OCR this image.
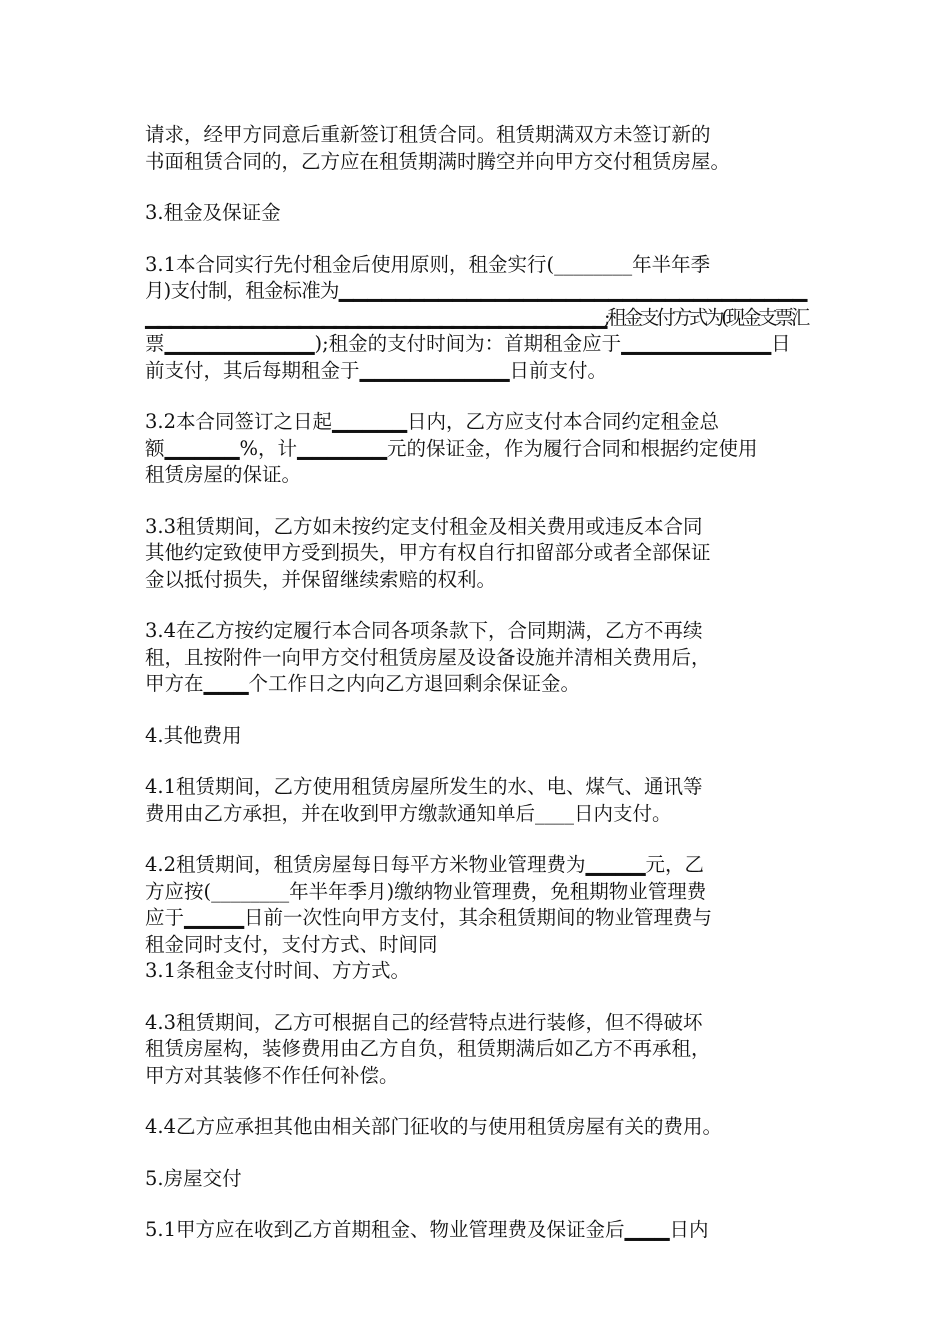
请求，经甲方同意后重新签订租赁合同。租赁期满双方未签订新的
书面租赁合同的，乙方应在租赁期满时腾空并向甲方交付租赁房屋。
3.租金及保证金
3.1本合同实行先付租金后使用原则，租金实行(________年半年季
月)支付制，租金标准为▁▁▁▁▁▁▁▁▁▁▁▁▁▁▁▁▁▁▁▁▁▁▁▁▁▁▁▁▁▁▁▁▁
▁▁▁▁▁▁▁▁▁▁▁▁▁▁▁▁▁▁▁▁▁▁▁▁▁▁▁▁▁▁▁▁▁▁▁▁▁▁▁;租金支付方式为(现金支票汇
票▁▁▁▁▁▁▁▁▁▁);租金的支付时间为：首期租金应于▁▁▁▁▁▁▁▁▁▁日
前支付，其后每期租金于▁▁▁▁▁▁▁▁▁▁日前支付。
3.2本合同签订之日起▁▁▁▁▁日内，乙方应支付本合同约定租金总
额▁▁▁▁▁%，计▁▁▁▁▁▁元的保证金，作为履行合同和根据约定使用
租赁房屋的保证。
3.3租赁期间，乙方如未按约定支付租金及相关费用或违反本合同
其他约定致使甲方受到损失，甲方有权自行扣留部分或者全部保证
金以抵付损失，并保留继续索赔的权利。
3.4在乙方按约定履行本合同各项条款下，合同期满，乙方不再续
租，且按附件一向甲方交付租赁房屋及设备设施并清相关费用后，
甲方在▁▁▁个工作日之内向乙方退回剩余保证金。
4.其他费用
4.1租赁期间，乙方使用租赁房屋所发生的水、电、煤气、通讯等
费用由乙方承担，并在收到甲方缴款通知单后____日内支付。
4.2租赁期间，租赁房屋每日每平方米物业管理费为▁▁▁▁元，乙
方应按(________年半年季月)缴纳物业管理费，免租期物业管理费
应于▁▁▁▁日前一次性向甲方支付，其余租赁期间的物业管理费与
租金同时支付，支付方式、时间同
3.1条租金支付时间、方方式。
4.3租赁期间，乙方可根据自己的经营特点进行装修，但不得破坏
租赁房屋构，装修费用由乙方自负，租赁期满后如乙方不再承租，
甲方对其装修不作任何补偿。
4.4乙方应承担其他由相关部门征收的与使用租赁房屋有关的费用。
5.房屋交付
5.1甲方应在收到乙方首期租金、物业管理费及保证金后▁▁▁日内
